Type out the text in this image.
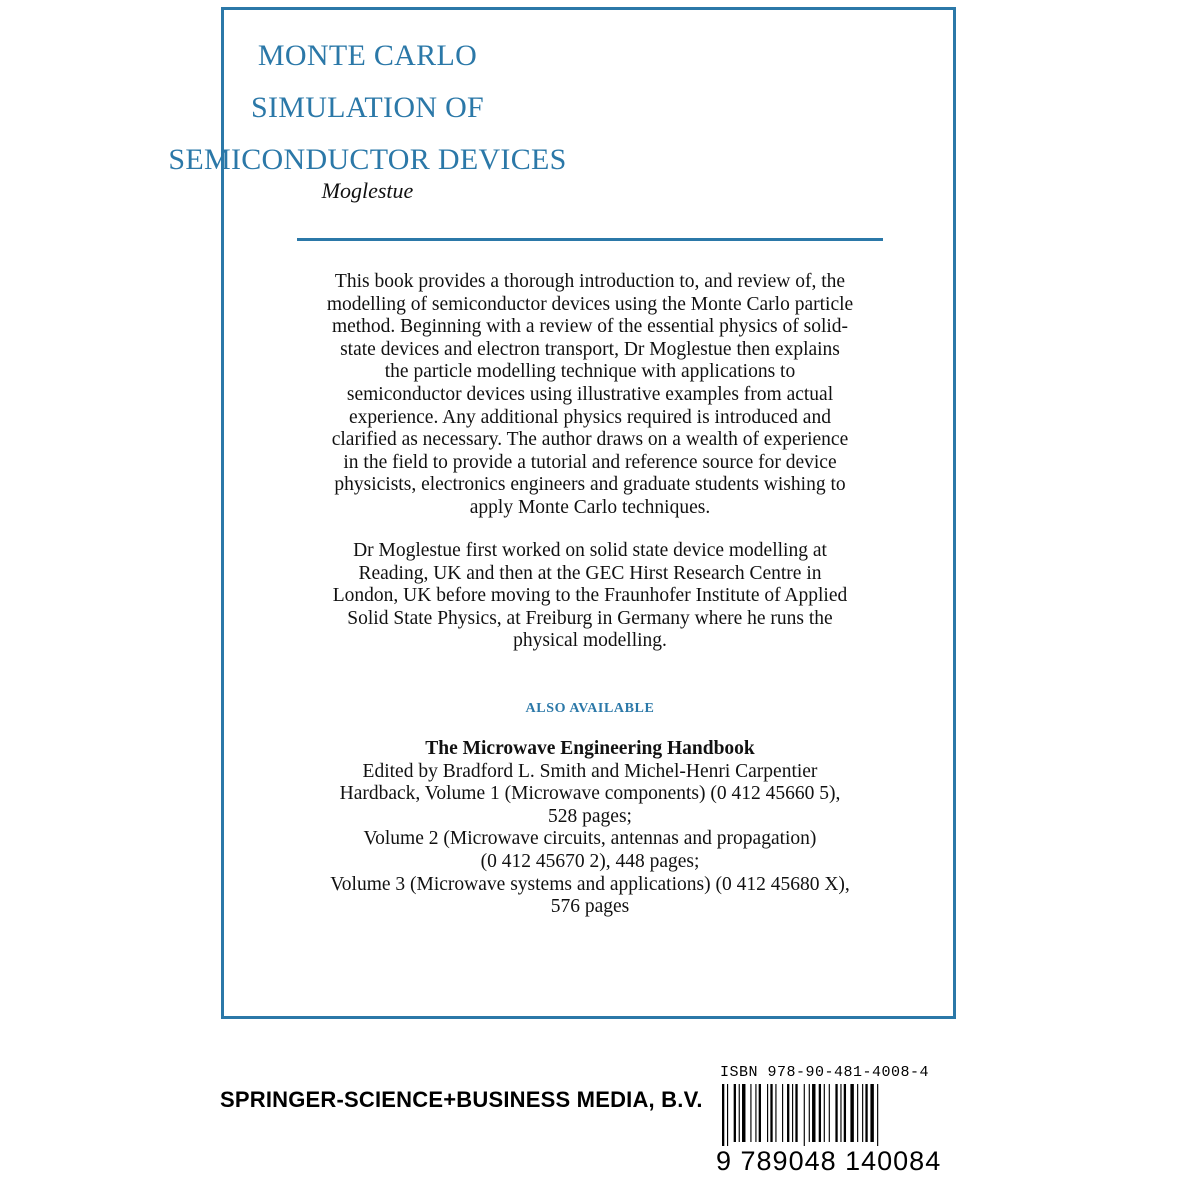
MONTE CARLO
SIMULATION OF
SEMICONDUCTOR DEVICES
Moglestue
This book provides a thorough introduction to, and review of, the
modelling of semiconductor devices using the Monte Carlo particle
method. Beginning with a review of the essential physics of solid-
state devices and electron transport, Dr Moglestue then explains
the particle modelling technique with applications to
semiconductor devices using illustrative examples from actual
experience. Any additional physics required is introduced and
clarified as necessary. The author draws on a wealth of experience
in the field to provide a tutorial and reference source for device
physicists, electronics engineers and graduate students wishing to
apply Monte Carlo techniques.
Dr Moglestue first worked on solid state device modelling at
Reading, UK and then at the GEC Hirst Research Centre in
London, UK before moving to the Fraunhofer Institute of Applied
Solid State Physics, at Freiburg in Germany where he runs the
physical modelling.
ALSO AVAILABLE
The Microwave Engineering Handbook
Edited by Bradford L. Smith and Michel-Henri Carpentier
Hardback, Volume 1 (Microwave components) (0 412 45660 5),
528 pages;
Volume 2 (Microwave circuits, antennas and propagation)
(0 412 45670 2), 448 pages;
Volume 3 (Microwave systems and applications) (0 412 45680 X),
576 pages
SPRINGER-SCIENCE+BUSINESS MEDIA, B.V.
ISBN 978-90-481-4008-4
9 789048 140084
